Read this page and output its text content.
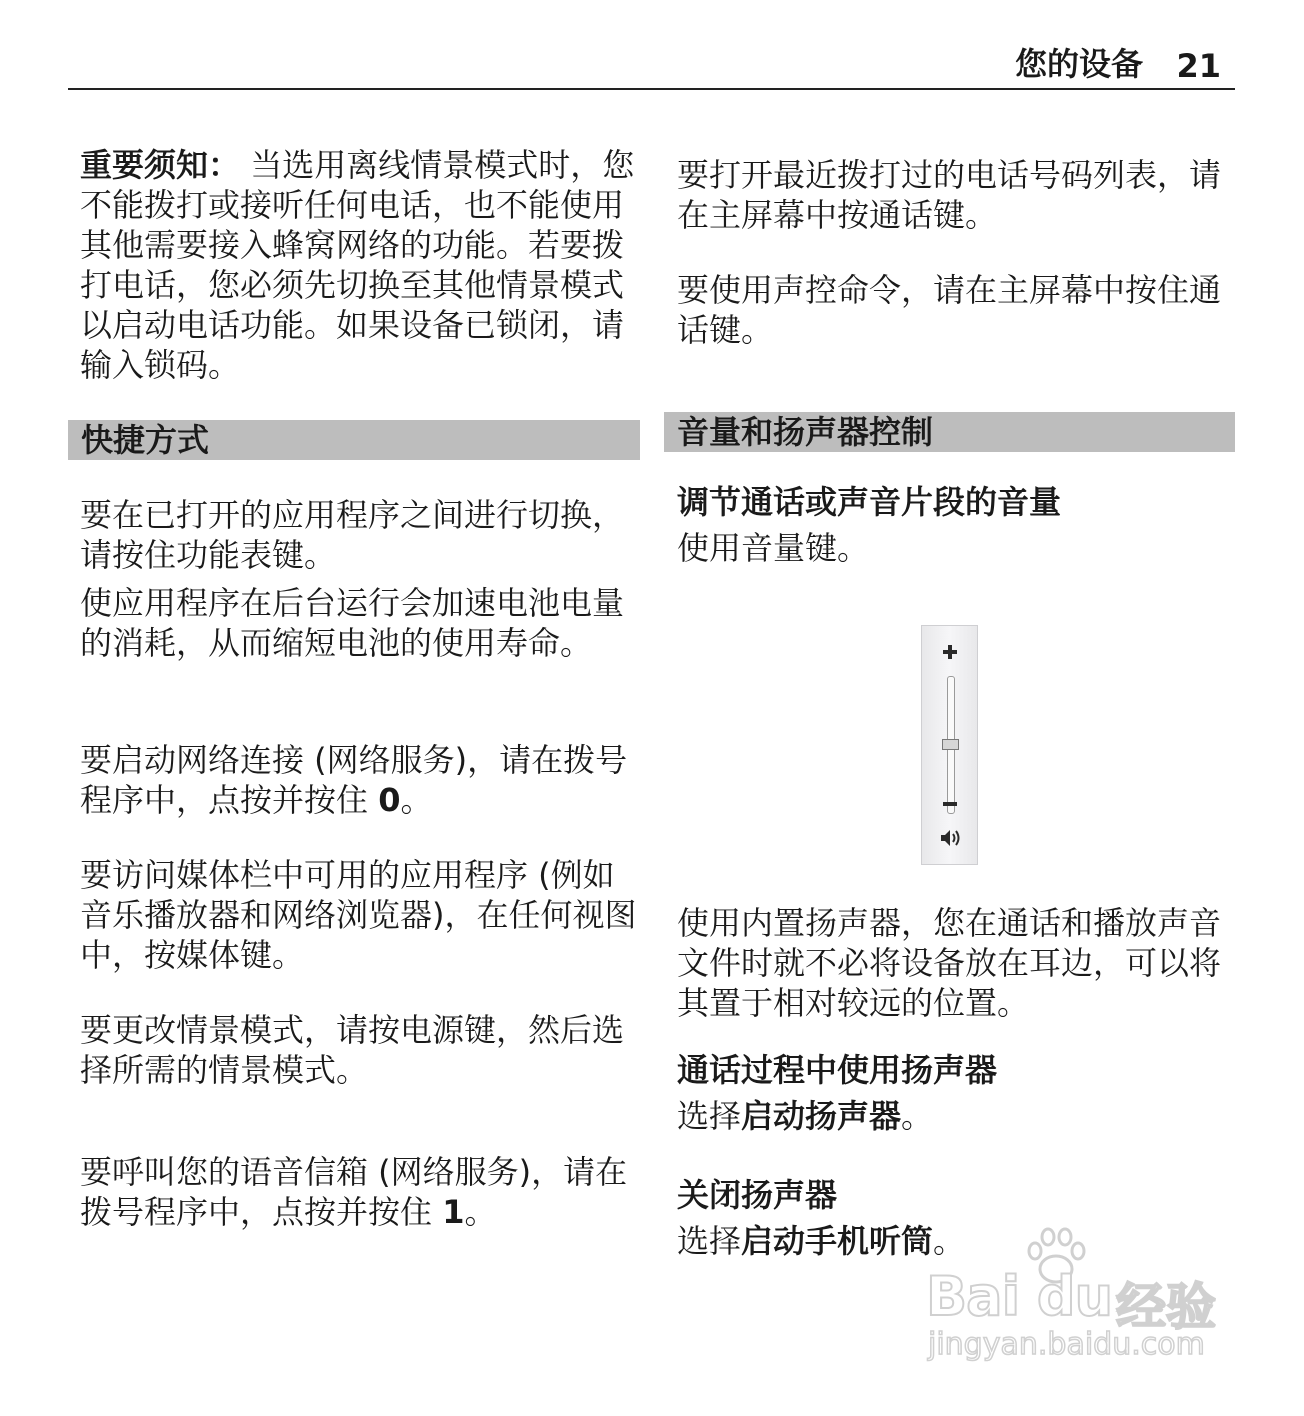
您的设备 21

重要须知： 当选用离线情景模式时，您不能拨打或接听任何电话，也不能使用其他需要接入蜂窝网络的功能。若要拨打电话，您必须先切换至其他情景模式以启动电话功能。如果设备已锁闭，请输入锁码。

快捷方式

要在已打开的应用程序之间进行切换，请按住功能表键。

使应用程序在后台运行会加速电池电量的消耗，从而缩短电池的使用寿命。

要启动网络连接 (网络服务)，请在拨号程序中，点按并按住 0。

要访问媒体栏中可用的应用程序 (例如音乐播放器和网络浏览器)，在任何视图中，按媒体键。

要更改情景模式，请按电源键，然后选择所需的情景模式。

要呼叫您的语音信箱 (网络服务)，请在拨号程序中，点按并按住 1。

要打开最近拨打过的电话号码列表，请在主屏幕中按通话键。

要使用声控命令，请在主屏幕中按住通话键。

音量和扬声器控制

调节通话或声音片段的音量

使用音量键。

使用内置扬声器，您在通话和播放声音文件时就不必将设备放在耳边，可以将其置于相对较远的位置。

通话过程中使用扬声器

选择启动扬声器。

关闭扬声器

选择启动手机听筒。

Bai du 经验
jingyan.baidu.com
